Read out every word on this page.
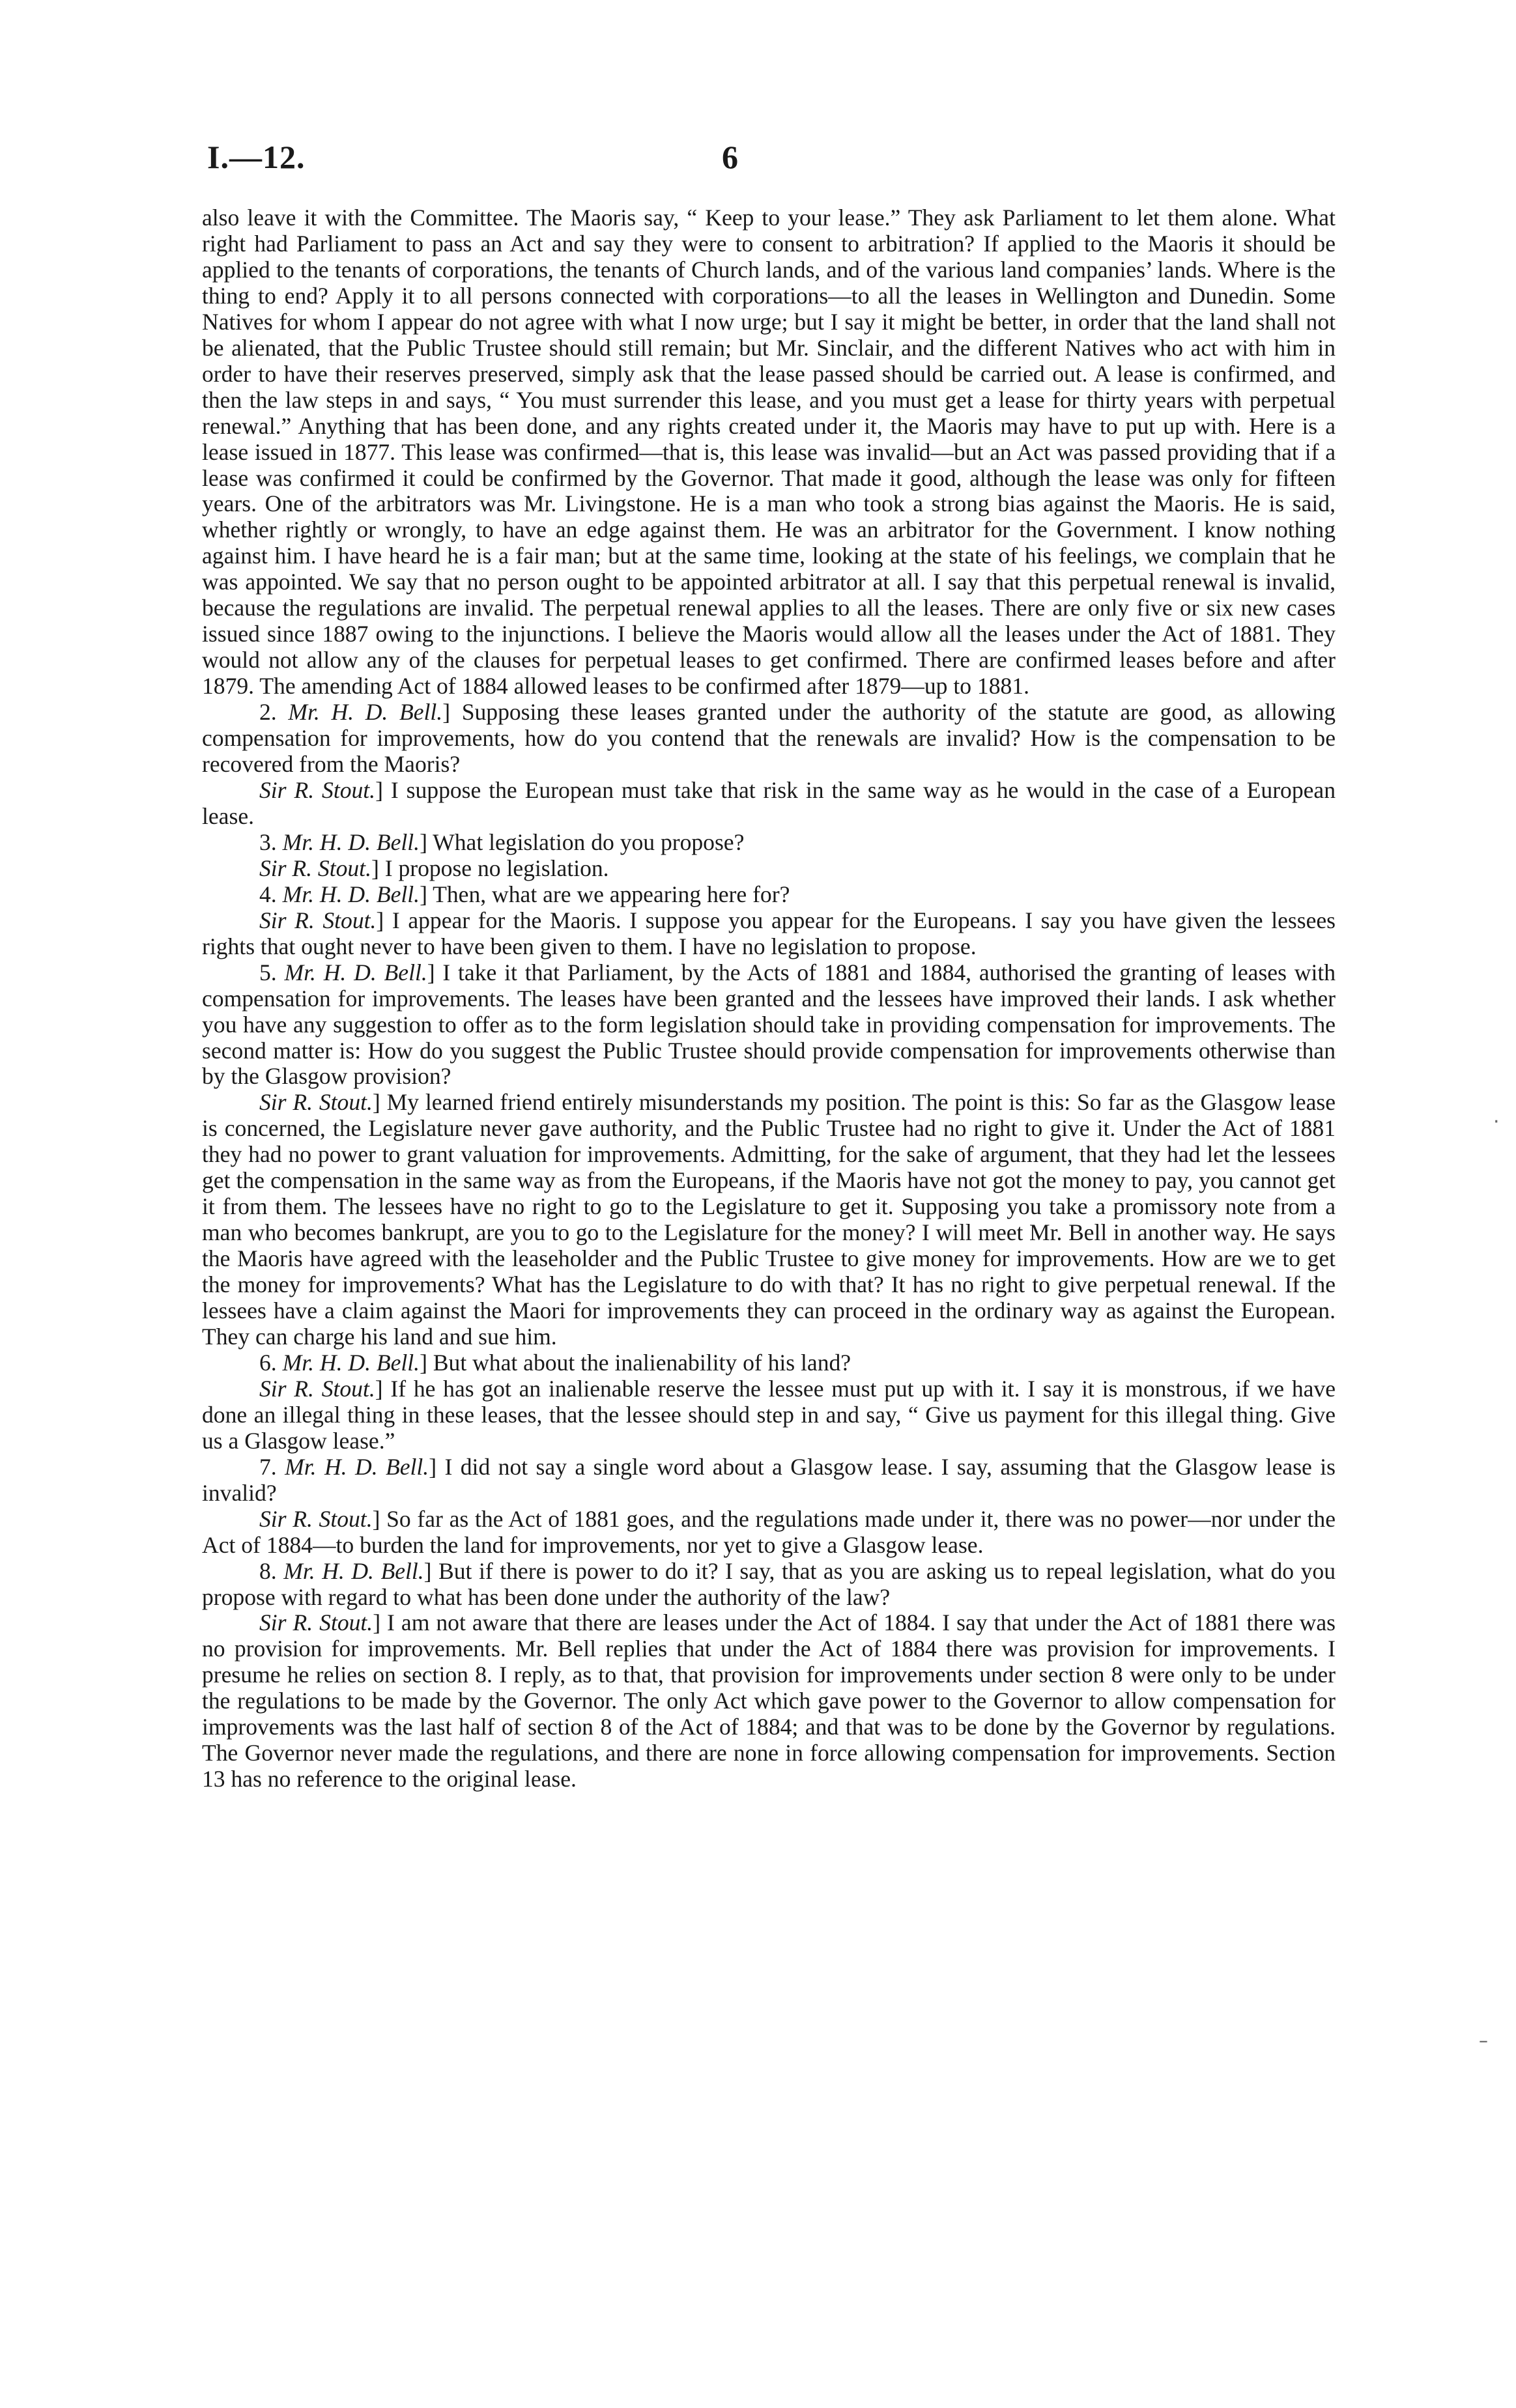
I.—12.	6

also leave it with the Committee. The Maoris say, “ Keep to your lease.” They ask Parliament to let them alone. What right had Parliament to pass an Act and say they were to consent to arbitration? If applied to the Maoris it should be applied to the tenants of corporations, the tenants of Church lands, and of the various land companies’ lands. Where is the thing to end? Apply it to all persons connected with corporations—to all the leases in Wellington and Dunedin. Some Natives for whom I appear do not agree with what I now urge; but I say it might be better, in order that the land shall not be alienated, that the Public Trustee should still remain; but Mr. Sinclair, and the different Natives who act with him in order to have their reserves preserved, simply ask that the lease passed should be carried out. A lease is confirmed, and then the law steps in and says, “ You must surrender this lease, and you must get a lease for thirty years with perpetual renewal.” Anything that has been done, and any rights created under it, the Maoris may have to put up with. Here is a lease issued in 1877. This lease was confirmed—that is, this lease was invalid—but an Act was passed providing that if a lease was confirmed it could be confirmed by the Governor. That made it good, although the lease was only for fifteen years. One of the arbitrators was Mr. Livingstone. He is a man who took a strong bias against the Maoris. He is said, whether rightly or wrongly, to have an edge against them. He was an arbitrator for the Government. I know nothing against him. I have heard he is a fair man; but at the same time, looking at the state of his feelings, we complain that he was appointed. We say that no person ought to be appointed arbitrator at all. I say that this perpetual renewal is invalid, because the regulations are invalid. The perpetual renewal applies to all the leases. There are only five or six new cases issued since 1887 owing to the injunctions. I believe the Maoris would allow all the leases under the Act of 1881. They would not allow any of the clauses for perpetual leases to get confirmed. There are confirmed leases before and after 1879. The amending Act of 1884 allowed leases to be confirmed after 1879—up to 1881.

2. Mr. H. D. Bell.] Supposing these leases granted under the authority of the statute are good, as allowing compensation for improvements, how do you contend that the renewals are invalid? How is the compensation to be recovered from the Maoris?

Sir R. Stout.] I suppose the European must take that risk in the same way as he would in the case of a European lease.

3. Mr. H. D. Bell.] What legislation do you propose?

Sir R. Stout.] I propose no legislation.

4. Mr. H. D. Bell.] Then, what are we appearing here for?

Sir R. Stout.] I appear for the Maoris. I suppose you appear for the Europeans. I say you have given the lessees rights that ought never to have been given to them. I have no legislation to propose.

5. Mr. H. D. Bell.] I take it that Parliament, by the Acts of 1881 and 1884, authorised the granting of leases with compensation for improvements. The leases have been granted and the lessees have improved their lands. I ask whether you have any suggestion to offer as to the form legislation should take in providing compensation for improvements. The second matter is: How do you suggest the Public Trustee should provide compensation for improvements otherwise than by the Glasgow provision?

Sir R. Stout.] My learned friend entirely misunderstands my position. The point is this: So far as the Glasgow lease is concerned, the Legislature never gave authority, and the Public Trustee had no right to give it. Under the Act of 1881 they had no power to grant valuation for improvements. Admitting, for the sake of argument, that they had let the lessees get the compensation in the same way as from the Europeans, if the Maoris have not got the money to pay, you cannot get it from them. The lessees have no right to go to the Legislature to get it. Supposing you take a promissory note from a man who becomes bankrupt, are you to go to the Legislature for the money? I will meet Mr. Bell in another way. He says the Maoris have agreed with the leaseholder and the Public Trustee to give money for improvements. How are we to get the money for improvements? What has the Legislature to do with that? It has no right to give perpetual renewal. If the lessees have a claim against the Maori for improvements they can proceed in the ordinary way as against the European. They can charge his land and sue him.

6. Mr. H. D. Bell.] But what about the inalienability of his land?

Sir R. Stout.] If he has got an inalienable reserve the lessee must put up with it. I say it is monstrous, if we have done an illegal thing in these leases, that the lessee should step in and say, “ Give us payment for this illegal thing. Give us a Glasgow lease.”

7. Mr. H. D. Bell.] I did not say a single word about a Glasgow lease. I say, assuming that the Glasgow lease is invalid?

Sir R. Stout.] So far as the Act of 1881 goes, and the regulations made under it, there was no power—nor under the Act of 1884—to burden the land for improvements, nor yet to give a Glasgow lease.

8. Mr. H. D. Bell.] But if there is power to do it? I say, that as you are asking us to repeal legislation, what do you propose with regard to what has been done under the authority of the law?

Sir R. Stout.] I am not aware that there are leases under the Act of 1884. I say that under the Act of 1881 there was no provision for improvements. Mr. Bell replies that under the Act of 1884 there was provision for improvements. I presume he relies on section 8. I reply, as to that, that provision for improvements under section 8 were only to be under the regulations to be made by the Governor. The only Act which gave power to the Governor to allow compensation for improvements was the last half of section 8 of the Act of 1884; and that was to be done by the Governor by regulations. The Governor never made the regulations, and there are none in force allowing compensation for improvements. Section 13 has no reference to the original lease.

·
–
